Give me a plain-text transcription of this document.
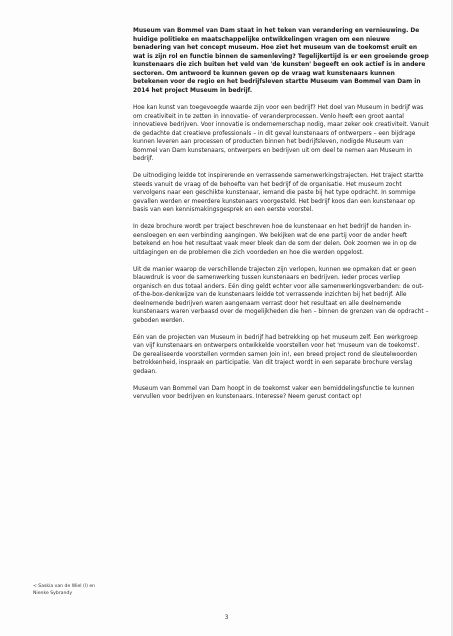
Museum van Bommel van Dam staat in het teken van verandering en vernieuwing. De huidige politieke en maatschappelijke ontwikkelingen vragen om een nieuwe benadering van het concept museum. Hoe ziet het museum van de toekomst eruit en wat is zijn rol en functie binnen de samenleving? Tegelijkertijd is er een groeiende groep kunstenaars die zich buiten het veld van 'de kunsten' begeeft en ook actief is in andere sectoren. Om antwoord te kunnen geven op de vraag wat kunstenaars kunnen betekenen voor de regio en het bedrijfsleven startte Museum van Bommel van Dam in 2014 het project Museum in bedrijf.

Hoe kan kunst van toegevoegde waarde zijn voor een bedrijf? Het doel van Museum in bedrijf was om creativiteit in te zetten in innovatie- of veranderprocessen. Venlo heeft een groot aantal innovatieve bedrijven. Voor innovatie is ondernemerschap nodig, maar zeker ook creativiteit. Vanuit de gedachte dat creatieve professionals – in dit geval kunstenaars of ontwerpers – een bijdrage kunnen leveren aan processen of producten binnen het bedrijfsleven, nodigde Museum van Bommel van Dam kunstenaars, ontwerpers en bedrijven uit om deel te nemen aan Museum in bedrijf.

De uitnodiging leidde tot inspirerende en verrassende samenwerkingstrajecten. Het traject startte steeds vanuit de vraag of de behoefte van het bedrijf of de organisatie. Het museum zocht vervolgens naar een geschikte kunstenaar, iemand die paste bij het type opdracht. In sommige gevallen werden er meerdere kunstenaars voorgesteld. Het bedrijf koos dan een kunstenaar op basis van een kennismakingsgesprek en een eerste voorstel.

In deze brochure wordt per traject beschreven hoe de kunstenaar en het bedrijf de handen in-eensloegen en een verbinding aangingen. We bekijken wat de ene partij voor de ander heeft betekend en hoe het resultaat vaak meer bleek dan de som der delen. Ook zoomen we in op de uitdagingen en de problemen die zich voordeden en hoe die werden opgelost.

Uit de manier waarop de verschillende trajecten zijn verlopen, kunnen we opmaken dat er geen blauwdruk is voor de samenwerking tussen kunstenaars en bedrijven. Ieder proces verliep organisch en dus totaal anders. Eén ding geldt echter voor alle samenwerkingsverbanden: de out-of-the-box-denkwijze van de kunstenaars leidde tot verrassende inzichten bij het bedrijf. Alle deelnemende bedrijven waren aangenaam verrast door het resultaat en alle deelnemende kunstenaars waren verbaasd over de mogelijkheden die hen – binnen de grenzen van de opdracht – geboden werden.

Eén van de projecten van Museum in bedrijf had betrekking op het museum zelf. Een werkgroep van vijf kunstenaars en ontwerpers ontwikkelde voorstellen voor het 'museum van de toekomst'. De gerealiseerde voorstellen vormden samen Join in!, een breed project rond de sleutelwoorden betrokkenheid, inspraak en participatie. Van dit traject wordt in een separate brochure verslag gedaan.

Museum van Bommel van Dam hoopt in de toekomst vaker een bemiddelingsfunctie te kunnen vervullen voor bedrijven en kunstenaars. Interesse? Neem gerust contact op!

< Saskia van de Wiel (l) en
Nienke Sybrandy
3
